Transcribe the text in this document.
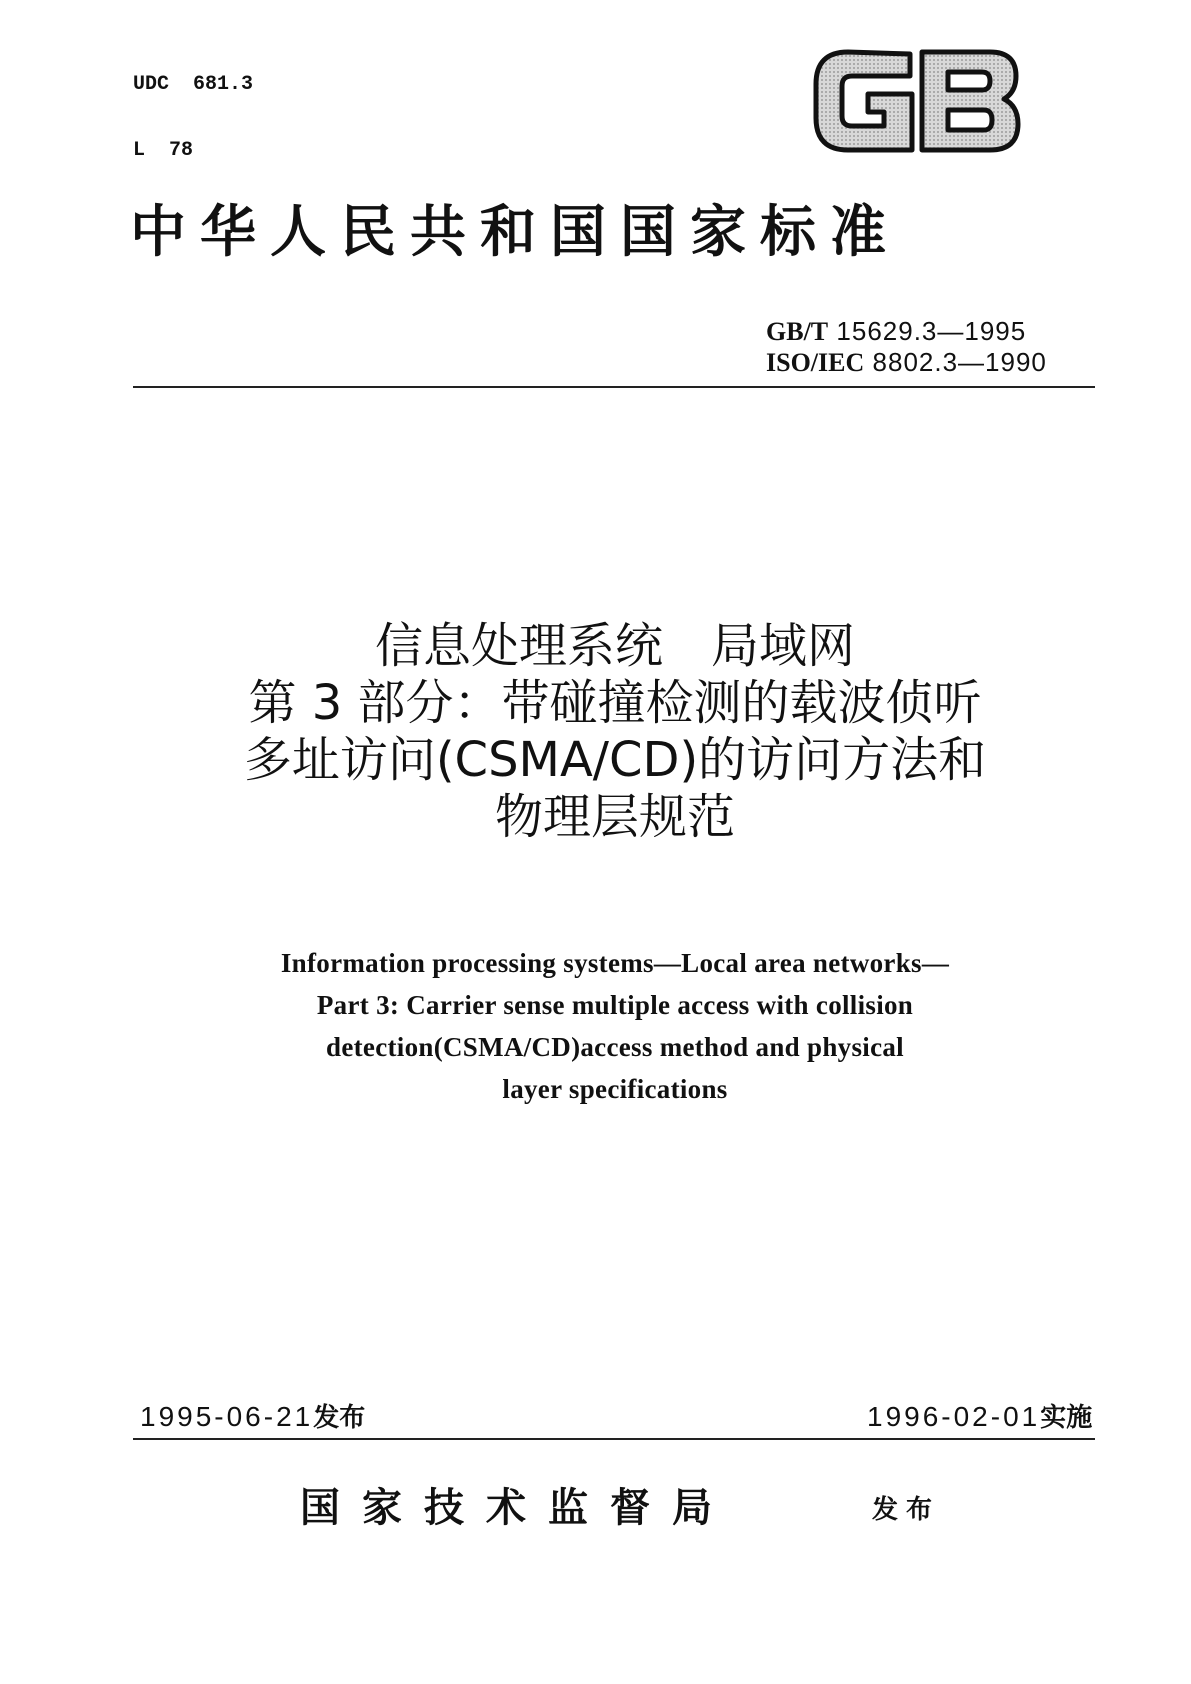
UDC  681.3

L  78

中华人民共和国国家标准
GB/T 15629.3—1995
ISO/IEC 8802.3—1990
信息处理系统　局域网
第 3 部分：带碰撞检测的载波侦听
多址访问(CSMA/CD)的访问方法和
物理层规范
Information processing systems—Local area networks—
Part 3: Carrier sense multiple access with collision
detection(CSMA/CD)access method and physical
layer specifications
1995-06-21发布	1996-02-01实施
国家技术监督局	发布
